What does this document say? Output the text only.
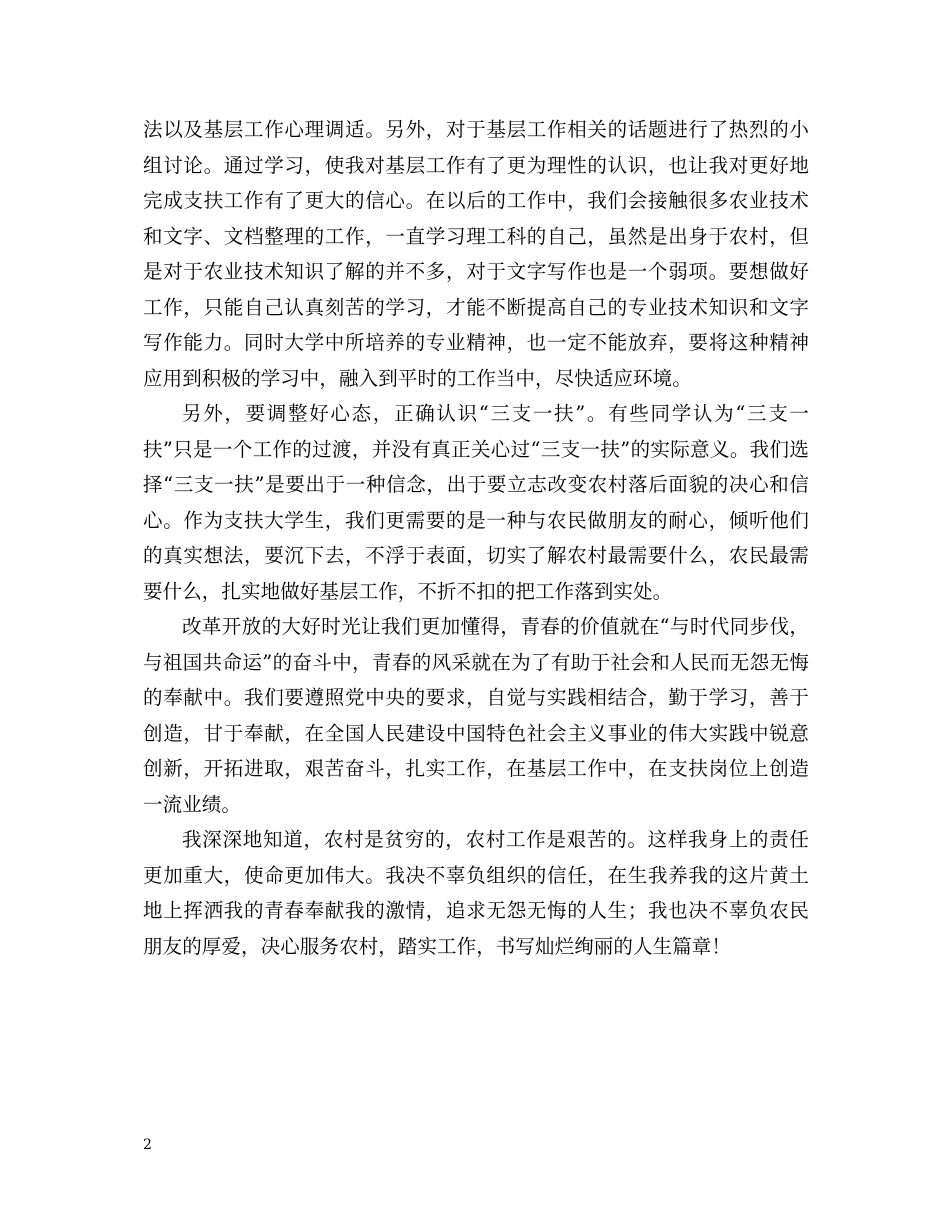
法以及基层工作心理调适。另外，对于基层工作相关的话题进行了热烈的小组讨论。通过学习，使我对基层工作有了更为理性的认识，也让我对更好地完成支扶工作有了更大的信心。在以后的工作中，我们会接触很多农业技术和文字、文档整理的工作，一直学习理工科的自己，虽然是出身于农村，但是对于农业技术知识了解的并不多，对于文字写作也是一个弱项。要想做好工作，只能自己认真刻苦的学习，才能不断提高自己的专业技术知识和文字写作能力。同时大学中所培养的专业精神，也一定不能放弃，要将这种精神应用到积极的学习中，融入到平时的工作当中，尽快适应环境。

另外，要调整好心态，正确认识“三支一扶”。有些同学认为“三支一扶”只是一个工作的过渡，并没有真正关心过“三支一扶”的实际意义。我们选择“三支一扶”是要出于一种信念，出于要立志改变农村落后面貌的决心和信心。作为支扶大学生，我们更需要的是一种与农民做朋友的耐心，倾听他们的真实想法，要沉下去，不浮于表面，切实了解农村最需要什么，农民最需要什么，扎实地做好基层工作，不折不扣的把工作落到实处。

改革开放的大好时光让我们更加懂得，青春的价值就在“与时代同步伐，与祖国共命运”的奋斗中，青春的风采就在为了有助于社会和人民而无怨无悔的奉献中。我们要遵照党中央的要求，自觉与实践相结合，勤于学习，善于创造，甘于奉献，在全国人民建设中国特色社会主义事业的伟大实践中锐意创新，开拓进取，艰苦奋斗，扎实工作，在基层工作中，在支扶岗位上创造一流业绩。

我深深地知道，农村是贫穷的，农村工作是艰苦的。这样我身上的责任更加重大，使命更加伟大。我决不辜负组织的信任，在生我养我的这片黄土地上挥洒我的青春奉献我的激情，追求无怨无悔的人生；我也决不辜负农民朋友的厚爱，决心服务农村，踏实工作，书写灿烂绚丽的人生篇章！

2
